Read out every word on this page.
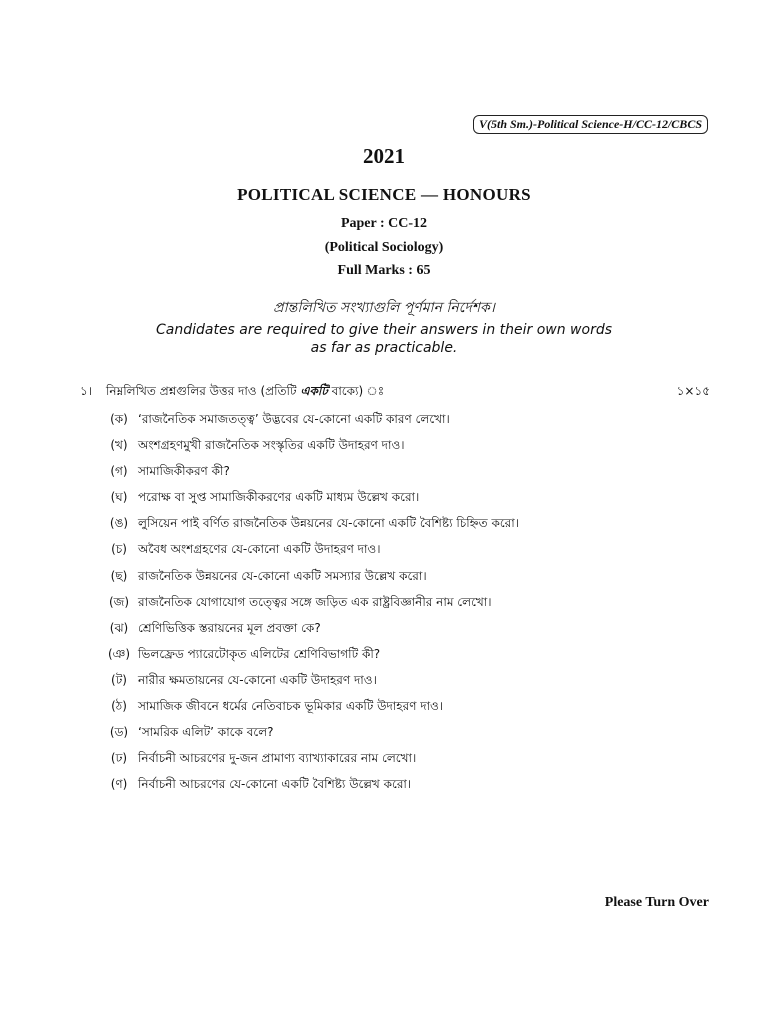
V(5th Sm.)-Political Science-H/CC-12/CBCS
2021
POLITICAL SCIENCE — HONOURS
Paper : CC-12
(Political Sociology)
Full Marks : 65
প্রান্তলিখিত সংখ্যাগুলি পূর্ণমান নির্দেশক।
Candidates are required to give their answers in their own words
as far as practicable.
১। নিম্নলিখিত প্রশ্নগুলির উত্তর দাও (প্রতিটি একটি বাক্যে) ঃ	১×১৫
(ক) ‘রাজনৈতিক সমাজতত্ত্ব’ উদ্ভবের যে-কোনো একটি কারণ লেখো।
(খ) অংশগ্রহণমুখী রাজনৈতিক সংস্কৃতির একটি উদাহরণ দাও।
(গ) সামাজিকীকরণ কী?
(ঘ) পরোক্ষ বা সুপ্ত সামাজিকীকরণের একটি মাধ্যম উল্লেখ করো।
(ঙ) লুসিয়েন পাই বর্ণিত রাজনৈতিক উন্নয়নের যে-কোনো একটি বৈশিষ্ট্য চিহ্নিত করো।
(চ) অবৈধ অংশগ্রহণের যে-কোনো একটি উদাহরণ দাও।
(ছ) রাজনৈতিক উন্নয়নের যে-কোনো একটি সমস্যার উল্লেখ করো।
(জ) রাজনৈতিক যোগাযোগ তত্ত্বের সঙ্গে জড়িত এক রাষ্ট্রবিজ্ঞানীর নাম লেখো।
(ঝ) শ্রেণিভিত্তিক স্তরায়নের মূল প্রবক্তা কে?
(ঞ) ভিলফ্রেড প্যারেটোকৃত এলিটের শ্রেণিবিভাগটি কী?
(ট) নারীর ক্ষমতায়নের যে-কোনো একটি উদাহরণ দাও।
(ঠ) সামাজিক জীবনে ধর্মের নেতিবাচক ভূমিকার একটি উদাহরণ দাও।
(ড) ‘সামরিক এলিট’ কাকে বলে?
(ঢ) নির্বাচনী আচরণের দু-জন প্রামাণ্য ব্যাখ্যাকারের নাম লেখো।
(ণ) নির্বাচনী আচরণের যে-কোনো একটি বৈশিষ্ট্য উল্লেখ করো।
Please Turn Over
